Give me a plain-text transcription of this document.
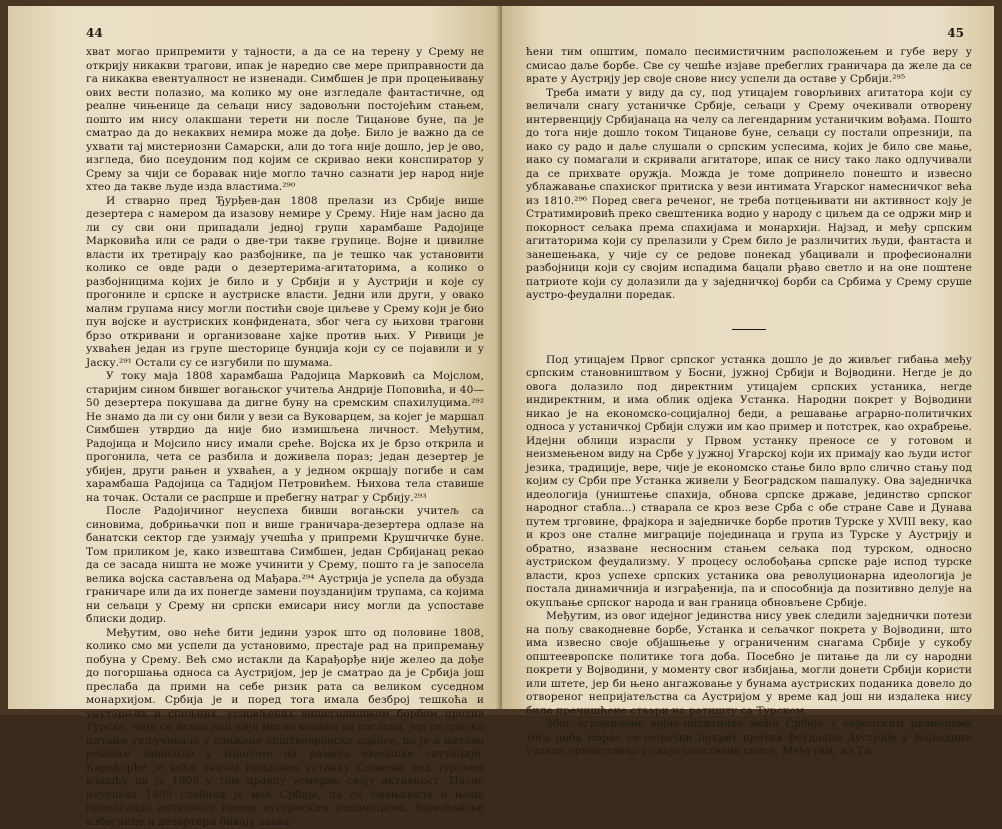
44

хват могао припремити у тајности, а да се на терену у Срему не открију никакви трагови, ипак је наредио све мере приправности да га никаква евентуалност не изненади. Симбшен је при процењивању ових вести полазио, ма колико му оне изгледале фантастичне, од реалне чињенице да сељаци нису задовољни постојећим стањем, пошто им нису олакшани терети ни после Тицанове буне, па је сматрао да до некаквих немира може да дође. Било је важно да се ухвати тај мистериозни Самарски, али до тога није дошло, јер је ово, изгледа, био псеудоним под којим се скривао неки конспиратор у Срему за чији се боравак није могло тачно сазнати јер народ није хтео да такве људе изда властима.²⁹⁰

И стварно пред Ђурђев-дан 1808 прелази из Србије више дезертера с намером да изазову немире у Срему. Није нам јасно да ли су сви они припадали једној групи харамбаше Радојице Марковића или се ради о две-три такве групице. Војне и цивилне власти их третирају као разбојнике, па је тешко чак установити колико се овде ради о дезертерима-агитаторима, а колико о разбојницима којих је било и у Србији и у Аустрији и које су прогониле и српске и аустриске власти. Једни или други, у овако малим групама нису могли постићи своје циљеве у Срему који је био пун војске и аустриских конфидената, због чега су њихови трагови брзо откривани и организоване хајке против њих. У Ривици је ухваћен један из групе шесторице бунџија који су се појавили и у Јаску.²⁹¹ Остали су се изгубили по шумама.

У току маја 1808 харамбаша Радојица Марковић са Мојслом, старијим сином бившег вогањског учитеља Андрије Поповића, и 40—50 дезертера покушава да дигне буну на сремским спахилуцима.²⁹² Не знамо да ли су они били у вези са Вуковарцем, за којег је маршал Симбшен утврдио да није био измишљена личност. Међутим, Радојица и Мојсило нису имали среће. Војска их је брзо открила и прогонила, чета се разбила и доживела пораз; један дезертер је убијен, други рањен и ухваћен, а у једном окршају погибе и сам харамбаша Радојица са Тадијом Петровићем. Њихова тела ставише на точак. Остали се распрше и пребегну натраг у Србију.²⁹³

После Радојичиног неуспеха бивши вогањски учитељ са синовима, добрињачки поп и више граничара-дезертера одлазе на банатски сектор где узимају учешћа у припреми Крушчичке буне. Том приликом је, како извештава Симбшен, један Србијанац рекао да се засада ништа не може учинити у Срему, пошто га је запосела велика војска састављена од Мађара.²⁹⁴ Аустрија је успела да обузда граничаре или да их понегде замени поузданијим трупама, са којима ни сељаци у Срему ни српски емисари нису могли да успоставе блиски додир.

Међутим, ово неће бити једини узрок што од половине 1808, колико смо ми успели да установимо, престаје рад на припремању побуна у Срему. Већ смо истакли да Карађорђе није желео да дође до погоршања односа са Аустријом, јер је сматрао да је Србија још преслаба да прими на себе ризик рата са великом суседном монархијом. Србија је и поред тога имала безброј тешкоћа и унутарњих и спољних, условљених вишегодишњом борбом против Турске, чији се исход још није могао конано да сагледа, јер се српско питање укључивало у сложене општеевропске односе, па је и његово решење зависило у многоме од развоја европске ситуације. Карађорђе је већи значај придавао устанку Славена под турском влашћу па је 1809 у том правцу усмерио своју активност. После неуспеха 1809 слабила је моћ Србије, па се смањивала и њена пропаганда активност према аустриским поданицима. Војвођанске избеглице и дезертери бивају захва-

45

ћени тим општим, помало песимистичним расположењем и губе веру у смисао даље борбе. Све су чешће изјаве пребеглих граничара да желе да се врате у Аустрију јер своје снове нису успели да оставе у Србији.²⁹⁵

Треба имати у виду да су, под утицајем говорљивих агитатора који су величали снагу устаничке Србије, сељаци у Срему очекивали отворену интервенцију Србијанаца на челу са легендарним устаничким вођама. Пошто до тога није дошло током Тицанове буне, сељаци су постали опрезнији, па иако су радо и даље слушали о српским успесима, којих је било све мање, иако су помагали и скривали агитаторе, ипак се нису тако лако одлучивали да се прихвате оружја. Можда је томе допринело понешто и извесно ублажавање спахиског притиска у вези интимата Угарског намесничког већа из 1810.²⁹⁶ Поред свега реченог, не треба потцењивати ни активност коју је Стратимировић преко свештеника водио у народу с циљем да се одржи мир и покорност сељака према спахијама и монархији. Најзад, и међу српским агитаторима који су прелазили у Срем било је различитих људи, фантаста и занешењака, у чије су се редове понекад убацивали и професионални разбојници који су својим испадима бацали рђаво светло и на оне поштене патриоте који су долазили да у заједничкој борби са Србима у Срему сруше аустро-феудални поредак.

Под утицајем Првог српског устанка дошло је до живљег гибања међу српским становништвом у Босни, јужној Србији и Војводини. Негде је до овога долазило под директним утицајем српских устаника, негде индиректним, и има облик одјека Устанка. Народни покрет у Војводини никао је на економско-социјалној беди, а решавање аграрно-политичких односа у устаничкој Србији служи им као пример и потстрек, као охрабрење. Идејни облици израсли у Првом устанку преносе се у готовом и неизмењеном виду на Србе у јужној Угарској који их примају као људи истог језика, традиције, вере, чије је економско стање било врло слично стању под којим су Срби пре Устанка живели у Београдском пашалуку. Ова заједничка идеологија (уништење спахија, обнова српске државе, јединство српског народног стабла...) стварала се кроз везе Срба с обе стране Саве и Дунава путем трговине, фрајкора и заједничке борбе против Турске у XVIII веку, као и кроз оне сталне миграције појединаца и група из Турске у Аустрију и обратно, изазване несносним стањем сељака под турском, односно аустриском феудализму. У процесу ослобођања српске раје испод турске власти, кроз успехе српских устаника ова револуционарна идеологија је постала динамичнија и изграђенија, па и способнија да позитивно делује на окупљање српског народа и ван граница обновљене Србије.

Међутим, из овог идејног јединства нису увек следили заједнички потези на пољу свакодневне борбе, Устанка и сељачког покрета у Војводини, што има извесно своје објашњење у ограниченим снагама Србије у сукобу општеевропске политике тога доба. Посебно је питање да ли су народни покрети у Војводини, у моменту свог избијања, могли донети Србији користи или штете, јер би њено ангажовање у бунама аустриских поданика довело до отвореног непријатељства са Аустријом у време кад још ни издалека нису биле пречишћене ствари на ратишту са Турском.

Због ограничене војно-политичке моћи Србије у европским размерама тога доба морао се сељачки покрет против феудалне Аустрије у Војводини уздати првенствено у своје сопствене снаге. Међутим, из Ти-
